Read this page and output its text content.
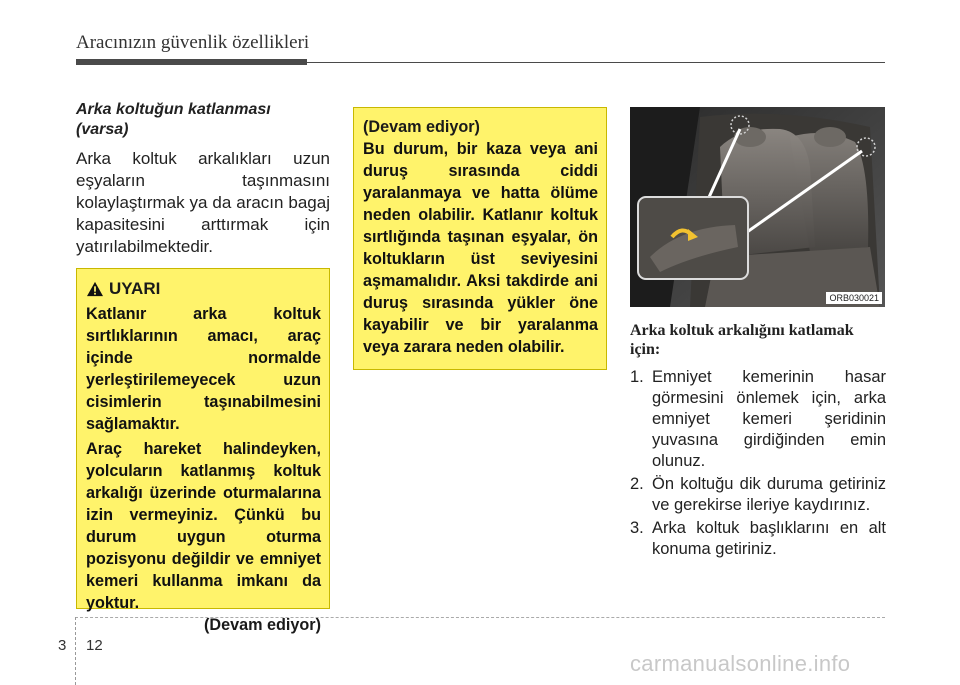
Aracınızın güvenlik özellikleri
Arka koltuğun katlanması
(varsa)

Arka koltuk arkalıkları uzun eşyaların taşınmasını kolaylaştırmak ya da aracın bagaj kapasitesini arttırmak için yatırılabilmektedir.

UYARI

Katlanır arka koltuk sırtlıklarının amacı, araç içinde normalde yerleştirilemeyecek uzun cisimlerin taşınabilmesini sağlamaktır.

Araç hareket halindeyken, yolcuların katlanmış koltuk arkalığı üzerinde oturmalarına izin vermeyiniz. Çünkü bu durum uygun oturma pozisyonu değildir ve emniyet kemeri kullanma imkanı da yoktur.

(Devam ediyor)
(Devam ediyor)

Bu durum, bir kaza veya ani duruş sırasında ciddi yaralanmaya ve hatta ölüme neden olabilir. Katlanır koltuk sırtlığında taşınan eşyalar, ön koltukların üst seviyesini aşmamalıdır. Aksi takdirde ani duruş sırasında yükler öne kayabilir ve bir yaralanma veya zarara neden olabilir.

ORB030021
Arka koltuk arkalığını katlamak için:
1. Emniyet kemerinin hasar görmesini önlemek için, arka emniyet kemeri şeridinin yuvasına girdiğinden emin olunuz.
2. Ön koltuğu dik duruma getiriniz ve gerekirse ileriye kaydırınız.
3. Arka koltuk başlıklarını en alt konuma getiriniz.
3 12
carmanualsonline.info
